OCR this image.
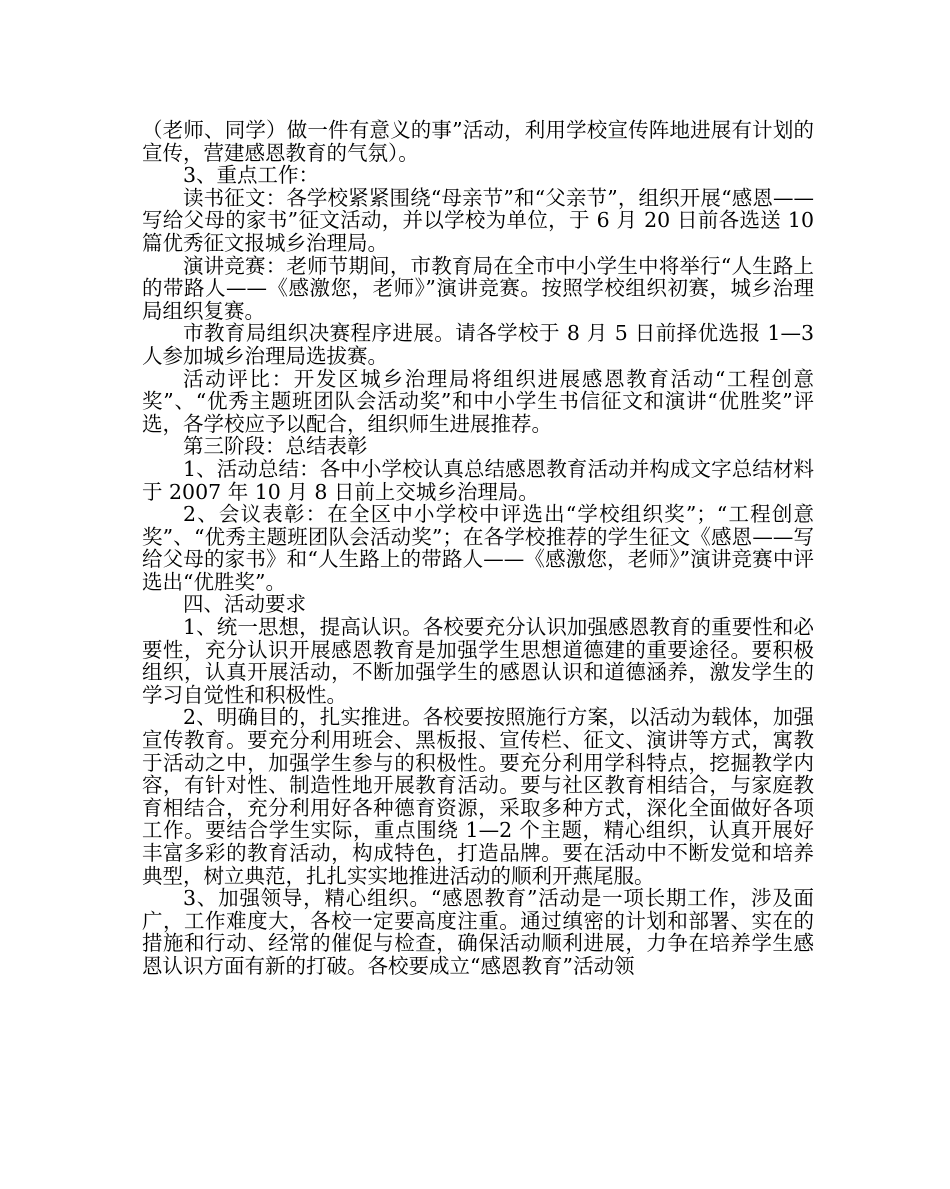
（老师、同学）做一件有意义的事”活动，利用学校宣传阵地进展有计划的宣传，营建感恩教育的气氛）。

3、重点工作：

读书征文：各学校紧紧围绕“母亲节”和“父亲节”，组织开展“感恩——写给父母的家书”征文活动，并以学校为单位，于 6 月 20 日前各选送 10 篇优秀征文报城乡治理局。

演讲竞赛：老师节期间，市教育局在全市中小学生中将举行“人生路上的带路人——《感激您，老师》”演讲竞赛。按照学校组织初赛，城乡治理局组织复赛。

市教育局组织决赛程序进展。请各学校于 8 月 5 日前择优选报 1—3 人参加城乡治理局选拔赛。

活动评比：开发区城乡治理局将组织进展感恩教育活动“工程创意奖”、“优秀主题班团队会活动奖”和中小学生书信征文和演讲“优胜奖”评选，各学校应予以配合，组织师生进展推荐。

第三阶段：总结表彰

1、活动总结：各中小学校认真总结感恩教育活动并构成文字总结材料于 2007 年 10 月 8 日前上交城乡治理局。

2、会议表彰：在全区中小学校中评选出“学校组织奖”；“工程创意奖”、“优秀主题班团队会活动奖”；在各学校推荐的学生征文《感恩——写给父母的家书》和“人生路上的带路人——《感激您，老师》”演讲竞赛中评选出“优胜奖”。

四、活动要求

1、统一思想，提高认识。各校要充分认识加强感恩教育的重要性和必要性，充分认识开展感恩教育是加强学生思想道德建的重要途径。要积极组织，认真开展活动，不断加强学生的感恩认识和道德涵养，激发学生的学习自觉性和积极性。

2、明确目的，扎实推进。各校要按照施行方案，以活动为载体，加强宣传教育。要充分利用班会、黑板报、宣传栏、征文、演讲等方式，寓教于活动之中，加强学生参与的积极性。要充分利用学科特点，挖掘教学内容，有针对性、制造性地开展教育活动。要与社区教育相结合，与家庭教育相结合，充分利用好各种德育资源，采取多种方式，深化全面做好各项工作。要结合学生实际，重点围绕 1—2 个主题，精心组织，认真开展好丰富多彩的教育活动，构成特色，打造品牌。要在活动中不断发觉和培养典型，树立典范，扎扎实实地推进活动的顺利开燕尾服。

3、加强领导，精心组织。“感恩教育”活动是一项长期工作，涉及面广，工作难度大，各校一定要高度注重。通过缜密的计划和部署、实在的措施和行动、经常的催促与检查，确保活动顺利进展，力争在培养学生感恩认识方面有新的打破。各校要成立“感恩教育”活动领
